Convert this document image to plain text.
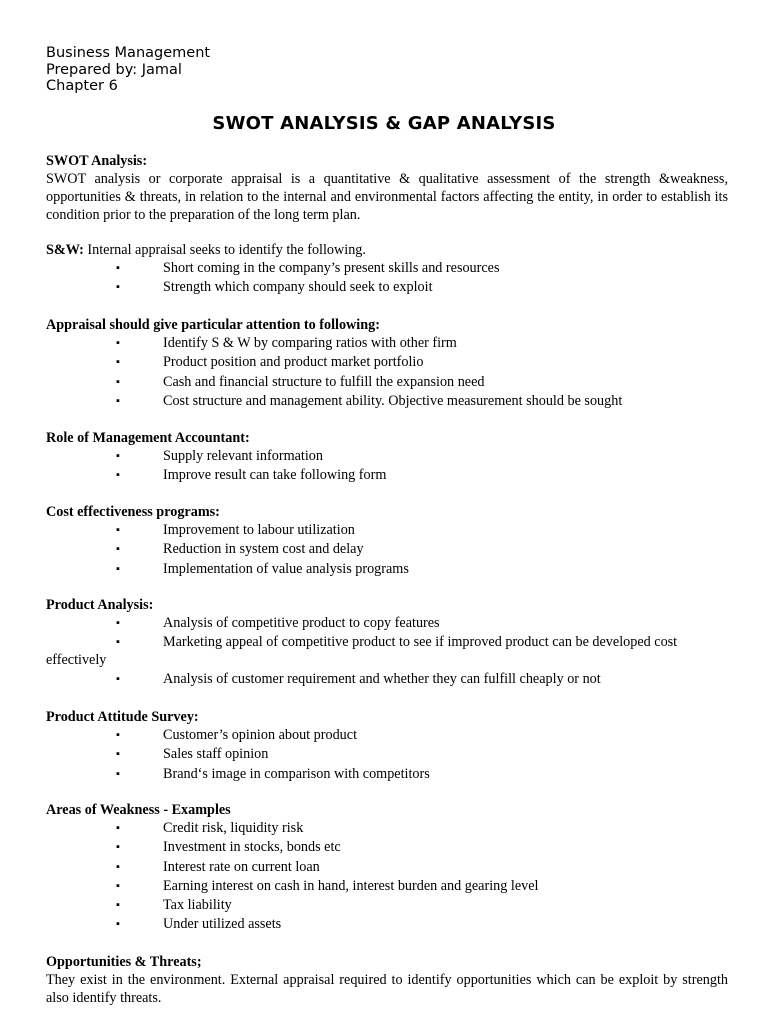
Business Management
Prepared by: Jamal
Chapter 6
SWOT ANALYSIS & GAP ANALYSIS
SWOT Analysis:
SWOT analysis or corporate appraisal is a quantitative & qualitative assessment of the strength &weakness, opportunities & threats, in relation to the internal and environmental factors affecting the entity, in order to establish its condition prior to the preparation of the long term plan.
S&W: Internal appraisal seeks to identify the following.
▪	Short coming in the company’s present skills and resources
▪	Strength which company should seek to exploit
Appraisal should give particular attention to following:
▪	Identify S & W by comparing ratios with other firm
▪	Product position and product market portfolio
▪	Cash and financial structure to fulfill the expansion need
▪	Cost structure and management ability. Objective measurement should be sought
Role of Management Accountant:
▪	Supply relevant information
▪	Improve result can take following form
Cost effectiveness programs:
▪	Improvement to labour utilization
▪	Reduction in system cost and delay
▪	Implementation of value analysis programs
Product Analysis:
▪	Analysis of competitive product to copy features
▪	Marketing appeal of competitive product to see if improved product can be developed cost effectively
▪	Analysis of customer requirement and whether they can fulfill cheaply or not
Product Attitude Survey:
▪	Customer’s opinion about product
▪	Sales staff opinion
▪	Brand‘s image in comparison with competitors
Areas of Weakness - Examples
▪	Credit risk, liquidity risk
▪	Investment in stocks, bonds etc
▪	Interest rate on current loan
▪	Earning interest on cash in hand, interest burden and gearing level
▪	Tax liability
▪	Under utilized assets
Opportunities & Threats;
They exist in the environment. External appraisal required to identify opportunities which can be exploit by strength also identify threats.
